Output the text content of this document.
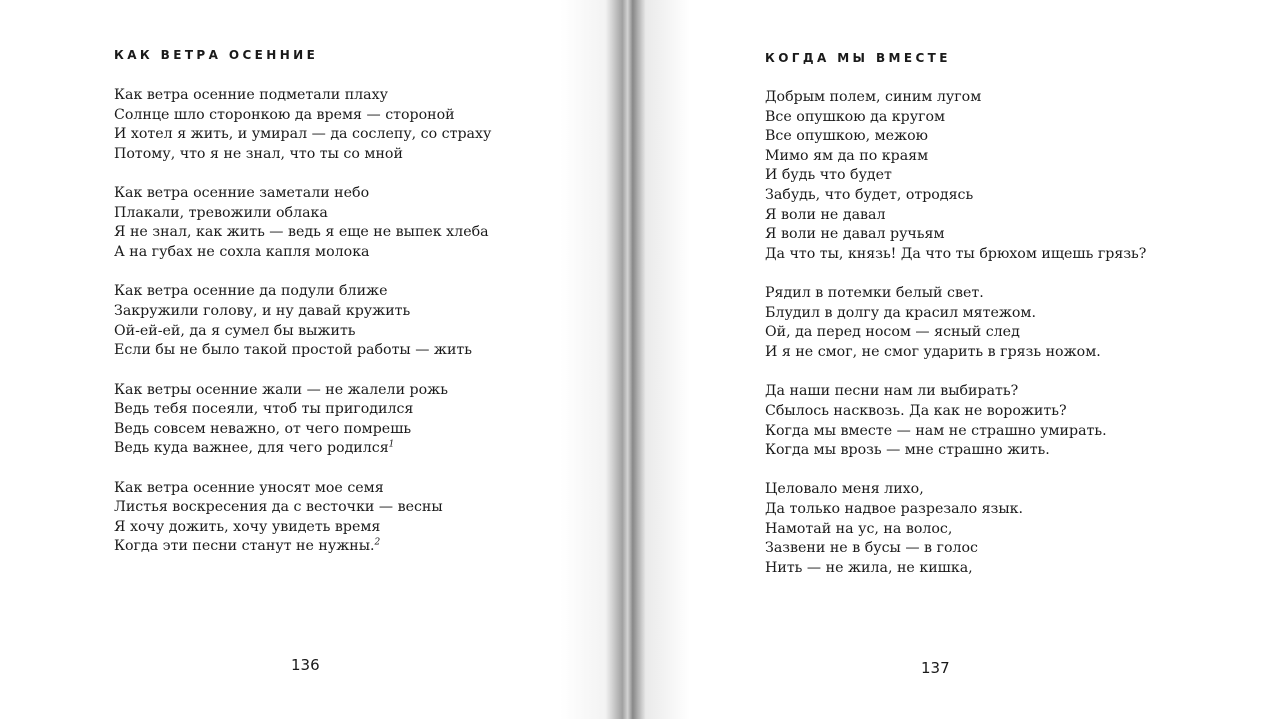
КАК ВЕТРА ОСЕННИЕ
Как ветра осенние подметали плаху
Солнце шло сторонкою да время — стороной
И хотел я жить, и умирал — да сослепу, со страху
Потому, что я не знал, что ты со мной
Как ветра осенние заметали небо
Плакали, тревожили облака
Я не знал, как жить — ведь я еще не выпек хлеба
А на губах не сохла капля молока
Как ветра осенние да подули ближе
Закружили голову, и ну давай кружить
Ой-ей-ей, да я сумел бы выжить
Если бы не было такой простой работы — жить
Как ветры осенние жали — не жалели рожь
Ведь тебя посеяли, чтоб ты пригодился
Ведь совсем неважно, от чего помрешь
Ведь куда важнее, для чего родился$^1$
Как ветра осенние уносят мое семя
Листья воскресения да с весточки — весны
Я хочу дожить, хочу увидеть время
Когда эти песни станут не нужны.$^2$
136
КОГДА МЫ ВМЕСТЕ
Добрым полем, синим лугом
Все опушкою да кругом
Все опушкою, межою
Мимо ям да по краям
И будь что будет
Забудь, что будет, отродясь
Я воли не давал
Я воли не давал ручьям
Да что ты, князь! Да что ты брюхом ищешь грязь?
Рядил в потемки белый свет.
Блудил в долгу да красил мятежом.
Ой, да перед носом — ясный след
И я не смог, не смог ударить в грязь ножом.
Да наши песни нам ли выбирать?
Сбылось насквозь. Да как не ворожить?
Когда мы вместе — нам не страшно умирать.
Когда мы врозь — мне страшно жить.
Целовало меня лихо,
Да только надвое разрезало язык.
Намотай на ус, на волос,
Зазвени не в бусы — в голос
Нить — не жила, не кишка,
137
